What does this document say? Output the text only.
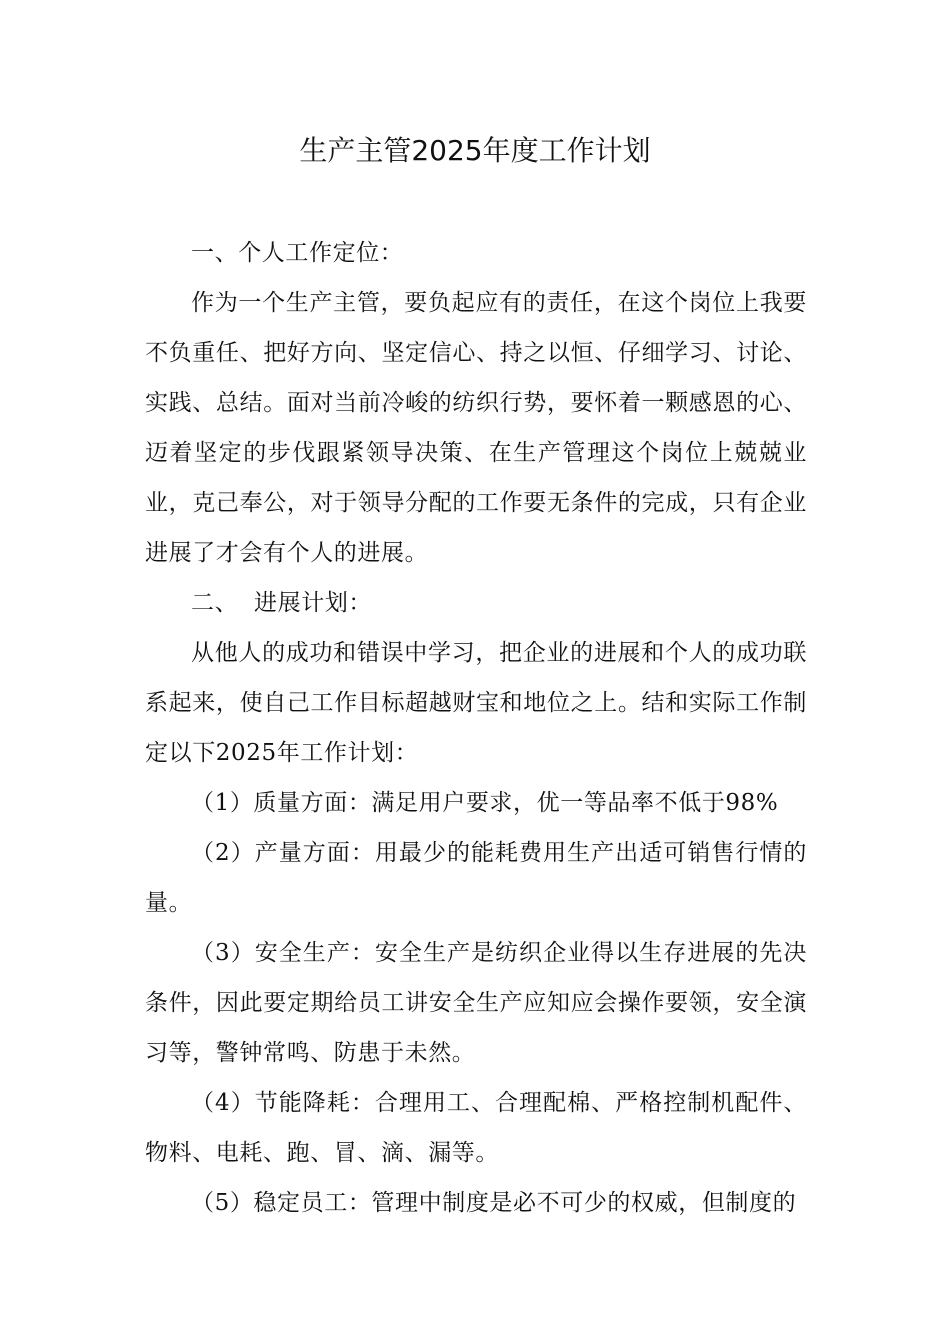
生产主管2025年度工作计划

一、个人工作定位：

作为一个生产主管，要负起应有的责任，在这个岗位上我要不负重任、把好方向、坚定信心、持之以恒、仔细学习、讨论、实践、总结。面对当前冷峻的纺织行势，要怀着一颗感恩的心、迈着坚定的步伐跟紧领导决策、在生产管理这个岗位上兢兢业业，克己奉公，对于领导分配的工作要无条件的完成，只有企业进展了才会有个人的进展。

二、  进展计划：

从他人的成功和错误中学习，把企业的进展和个人的成功联系起来，使自己工作目标超越财宝和地位之上。结和实际工作制定以下2025年工作计划：

（1）质量方面：满足用户要求，优一等品率不低于98%

（2）产量方面：用最少的能耗费用生产出适可销售行情的量。

（3）安全生产：安全生产是纺织企业得以生存进展的先决条件，因此要定期给员工讲安全生产应知应会操作要领，安全演习等，警钟常鸣、防患于未然。

（4）节能降耗：合理用工、合理配棉、严格控制机配件、物料、电耗、跑、冒、滴、漏等。

（5）稳定员工：管理中制度是必不可少的权威，但制度的
